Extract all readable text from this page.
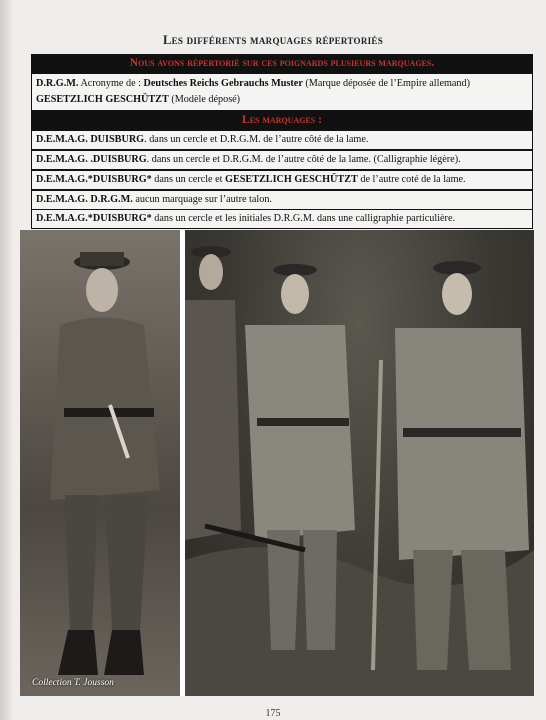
Les différents marquages répertoriés
Nous avons répertorié sur ces poignards plusieurs marquages.
D.R.G.M. Acronyme de : Deutsches Reichs Gebrauchs Muster (Marque déposée de l’Empire allemand)
GESETZLICH GESCHÜTZT (Modèle déposé)
Les marquages :
D.E.M.A.G. DUISBURG. dans un cercle et D.R.G.M. de l’autre côté de la lame.
D.E.M.A.G. .DUISBURG. dans un cercle et D.R.G.M. de l’autre côté de la lame. (Calligraphie légère).
D.E.M.A.G.*DUISBURG* dans un cercle et GESETZLICH GESCHÜTZT de l’autre coté de la lame.
D.E.M.A.G. D.R.G.M. aucun marquage sur l’autre talon.
D.E.M.A.G.*DUISBURG* dans un cercle et les initiales D.R.G.M. dans une calligraphie particulière.
Collection T. Jousson
175
